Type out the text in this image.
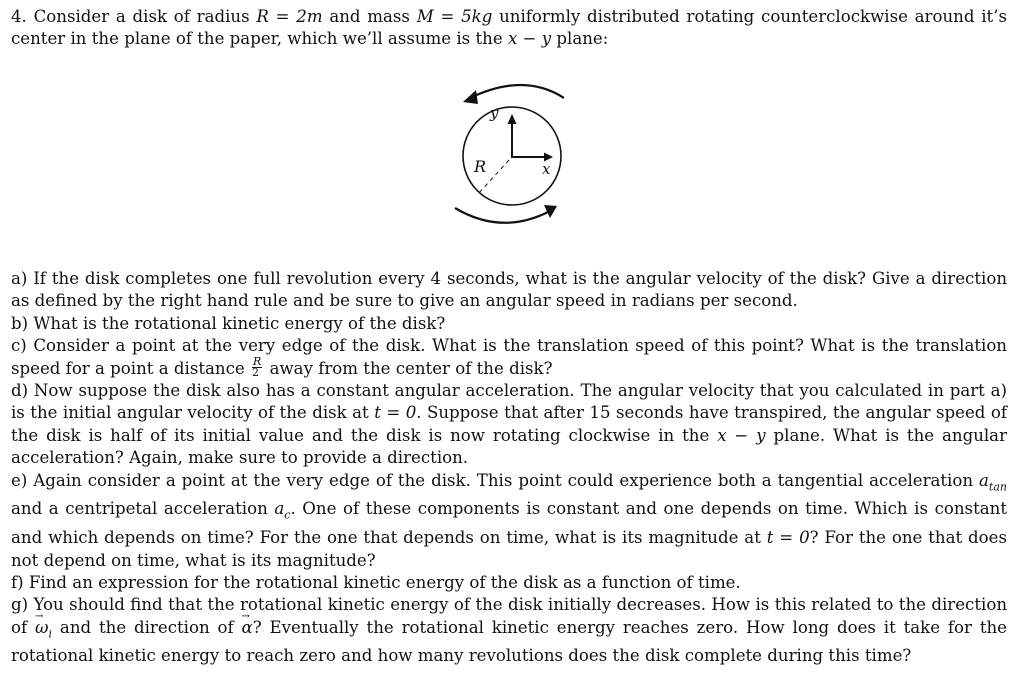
4. Consider a disk of radius R = 2m and mass M = 5kg uniformly distributed rotating counterclockwise around it’s center in the plane of the paper, which we’ll assume is the x − y plane:

y
x
R

a) If the disk completes one full revolution every 4 seconds, what is the angular velocity of the disk? Give a direction as defined by the right hand rule and be sure to give an angular speed in radians per second.

b) What is the rotational kinetic energy of the disk?

c) Consider a point at the very edge of the disk. What is the translation speed of this point? What is the translation speed for a point a distance $\frac{R}{2}$ away from the center of the disk?

d) Now suppose the disk also has a constant angular acceleration. The angular velocity that you calculated in part a) is the initial angular velocity of the disk at t = 0. Suppose that after 15 seconds have transpired, the angular speed of the disk is half of its initial value and the disk is now rotating clockwise in the x − y plane. What is the angular acceleration? Again, make sure to provide a direction.

e) Again consider a point at the very edge of the disk. This point could experience both a tangential acceleration $a_{tan}$ and a centripetal acceleration $a_c$. One of these components is constant and one depends on time. Which is constant and which depends on time? For the one that depends on time, what is its magnitude at t = 0? For the one that does not depend on time, what is its magnitude?

f) Find an expression for the rotational kinetic energy of the disk as a function of time.

g) You should find that the rotational kinetic energy of the disk initially decreases. How is this related to the direction of → $\omega_i$ and the direction of → α? Eventually the rotational kinetic energy reaches zero. How long does it take for the rotational kinetic energy to reach zero and how many revolutions does the disk complete during this time?
